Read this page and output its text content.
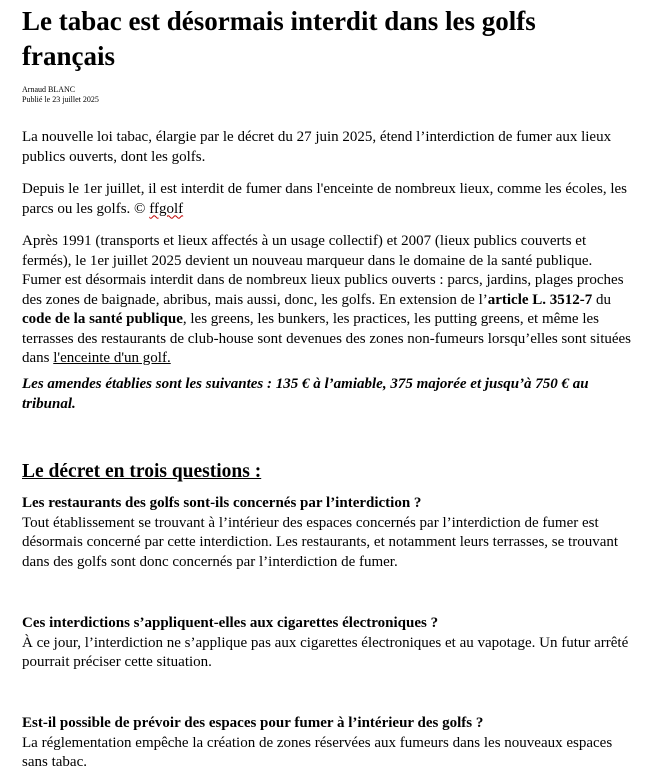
Le tabac est désormais interdit dans les golfs français
Arnaud BLANC
Publié le 23 juillet 2025

La nouvelle loi tabac, élargie par le décret du 27 juin 2025, étend l’interdiction de fumer aux lieux publics ouverts, dont les golfs.

Depuis le 1er juillet, il est interdit de fumer dans l'enceinte de nombreux lieux, comme les écoles, les parcs ou les golfs. © ffgolf

Après 1991 (transports et lieux affectés à un usage collectif) et 2007 (lieux publics couverts et fermés), le 1er juillet 2025 devient un nouveau marqueur dans le domaine de la santé publique. Fumer est désormais interdit dans de nombreux lieux publics ouverts : parcs, jardins, plages proches des zones de baignade, abribus, mais aussi, donc, les golfs. En extension de l’article L. 3512-7 du code de la santé publique, les greens, les bunkers, les practices, les putting greens, et même les terrasses des restaurants de club-house sont devenues des zones non-fumeurs lorsqu’elles sont situées dans l'enceinte d'un golf.

Les amendes établies sont les suivantes : 135 € à l’amiable, 375 majorée et jusqu’à 750 € au tribunal.

Le décret en trois questions :
Les restaurants des golfs sont-ils concernés par l’interdiction ?
Tout établissement se trouvant à l’intérieur des espaces concernés par l’interdiction de fumer est désormais concerné par cette interdiction. Les restaurants, et notamment leurs terrasses, se trouvant dans des golfs sont donc concernés par l’interdiction de fumer.
Ces interdictions s’appliquent-elles aux cigarettes électroniques ?
À ce jour, l’interdiction ne s’applique pas aux cigarettes électroniques et au vapotage. Un futur arrêté pourrait préciser cette situation.
Est-il possible de prévoir des espaces pour fumer à l’intérieur des golfs ?
La réglementation empêche la création de zones réservées aux fumeurs dans les nouveaux espaces sans tabac.
